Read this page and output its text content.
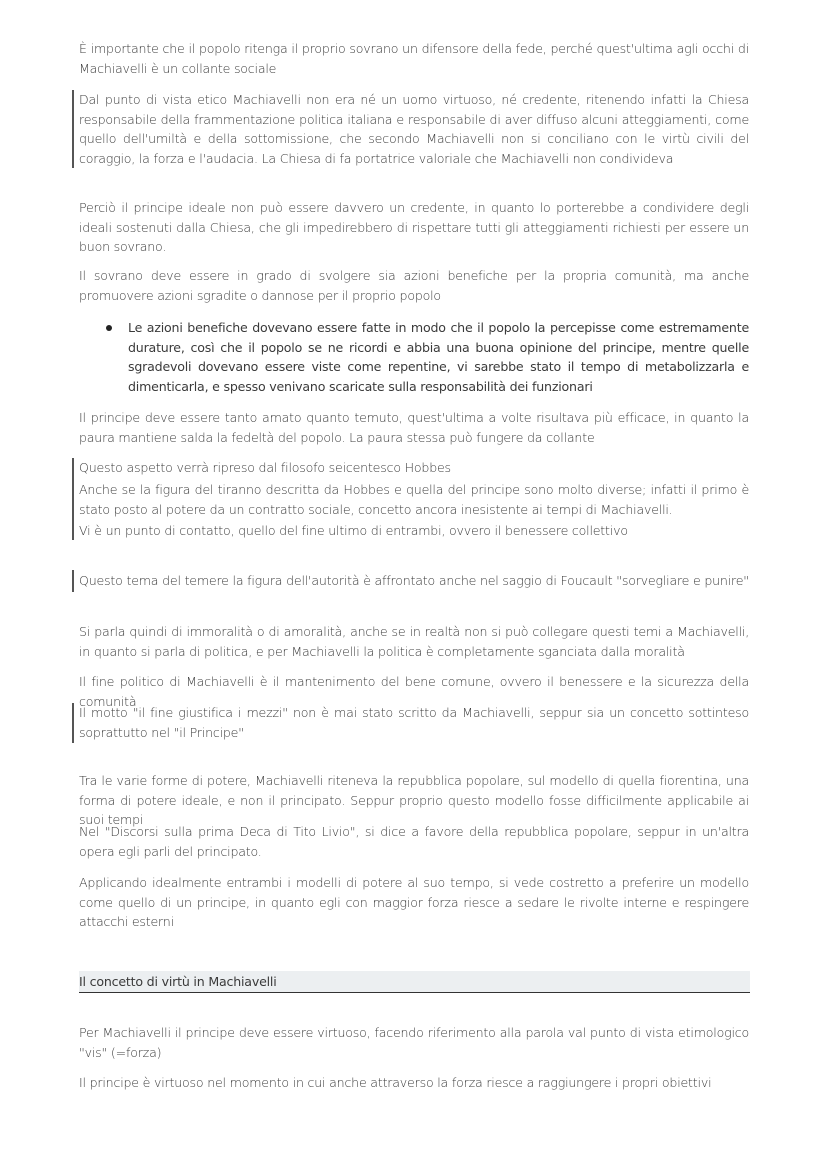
È importante che il popolo ritenga il proprio sovrano un difensore della fede, perché quest'ultima agli occhi di Machiavelli è un collante sociale

Dal punto di vista etico Machiavelli non era né un uomo virtuoso, né credente, ritenendo infatti la Chiesa responsabile della frammentazione politica italiana e responsabile di aver diffuso alcuni atteggiamenti, come quello dell'umiltà e della sottomissione, che secondo Machiavelli non si conciliano con le virtù civili del coraggio, la forza e l'audacia. La Chiesa di fa portatrice valoriale che Machiavelli non condivideva

Perciò il principe ideale non può essere davvero un credente, in quanto lo porterebbe a condividere degli ideali sostenuti dalla Chiesa, che gli impedirebbero di rispettare tutti gli atteggiamenti richiesti per essere un buon sovrano.

Il sovrano deve essere in grado di svolgere sia azioni benefiche per la propria comunità, ma anche promuovere azioni sgradite o dannose per il proprio popolo

Le azioni benefiche dovevano essere fatte in modo che il popolo la percepisse come estremamente durature, così che il popolo se ne ricordi e abbia una buona opinione del principe, mentre quelle sgradevoli dovevano essere viste come repentine, vi sarebbe stato il tempo di metabolizzarla e dimenticarla, e spesso venivano scaricate sulla responsabilità dei funzionari

Il principe deve essere tanto amato quanto temuto, quest'ultima a volte risultava più efficace, in quanto la paura mantiene salda la fedeltà del popolo. La paura stessa può fungere da collante

Questo aspetto verrà ripreso dal filosofo seicentesco Hobbes

Anche se la figura del tiranno descritta da Hobbes e quella del principe sono molto diverse; infatti il primo è stato posto al potere da un contratto sociale, concetto ancora inesistente ai tempi di Machiavelli.

Vi è un punto di contatto, quello del fine ultimo di entrambi, ovvero il benessere collettivo

Questo tema del temere la figura dell'autorità è affrontato anche nel saggio di Foucault "sorvegliare e punire"

Si parla quindi di immoralità o di amoralità, anche se in realtà non si può collegare questi temi a Machiavelli, in quanto si parla di politica, e per Machiavelli la politica è completamente sganciata dalla moralità

Il fine politico di Machiavelli è il mantenimento del bene comune, ovvero il benessere e la sicurezza della comunità

Il motto "il fine giustifica i mezzi" non è mai stato scritto da Machiavelli, seppur sia un concetto sottinteso soprattutto nel "il Principe"

Tra le varie forme di potere, Machiavelli riteneva la repubblica popolare, sul modello di quella fiorentina, una forma di potere ideale, e non il principato. Seppur proprio questo modello fosse difficilmente applicabile ai suoi tempi

Nel "Discorsi sulla prima Deca di Tito Livio", si dice a favore della repubblica popolare, seppur in un'altra opera egli parli del principato.

Applicando idealmente entrambi i modelli di potere al suo tempo, si vede costretto a preferire un modello come quello di un principe, in quanto egli con maggior forza riesce a sedare le rivolte interne e respingere attacchi esterni

Il concetto di virtù in Machiavelli

Per Machiavelli il principe deve essere virtuoso, facendo riferimento alla parola val punto di vista etimologico "vis" (=forza)

Il principe è virtuoso nel momento in cui anche attraverso la forza riesce a raggiungere i propri obiettivi
